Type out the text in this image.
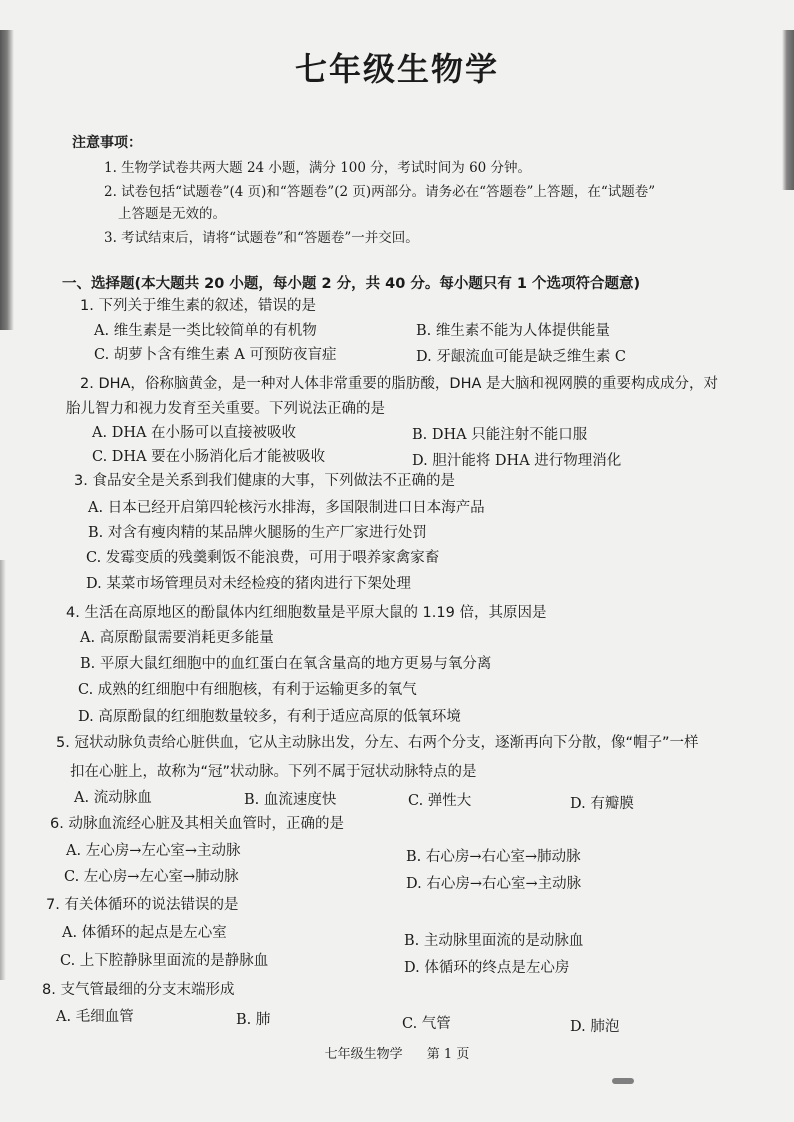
七年级生物学
注意事项：
1. 生物学试卷共两大题 24 小题，满分 100 分，考试时间为 60 分钟。
2. 试卷包括“试题卷”(4 页)和“答题卷”(2 页)两部分。请务必在“答题卷”上答题，在“试题卷”
上答题是无效的。
3. 考试结束后，请将“试题卷”和“答题卷”一并交回。
一、选择题(本大题共 20 小题，每小题 2 分，共 40 分。每小题只有 1 个选项符合题意)
1. 下列关于维生素的叙述，错误的是
A. 维生素是一类比较简单的有机物	B. 维生素不能为人体提供能量
C. 胡萝卜含有维生素 A 可预防夜盲症	D. 牙龈流血可能是缺乏维生素 C
2. DHA，俗称脑黄金，是一种对人体非常重要的脂肪酸，DHA 是大脑和视网膜的重要构成成分，对
胎儿智力和视力发育至关重要。下列说法正确的是
A. DHA 在小肠可以直接被吸收	B. DHA 只能注射不能口服
C. DHA 要在小肠消化后才能被吸收	D. 胆汁能将 DHA 进行物理消化
3. 食品安全是关系到我们健康的大事，下列做法不正确的是
A. 日本已经开启第四轮核污水排海，多国限制进口日本海产品
B. 对含有瘦肉精的某品牌火腿肠的生产厂家进行处罚
C. 发霉变质的残羹剩饭不能浪费，可用于喂养家禽家畜
D. 某菜市场管理员对未经检疫的猪肉进行下架处理
4. 生活在高原地区的酚鼠体内红细胞数量是平原大鼠的 1.19 倍，其原因是
A. 高原酚鼠需要消耗更多能量
B. 平原大鼠红细胞中的血红蛋白在氧含量高的地方更易与氧分离
C. 成熟的红细胞中有细胞核，有利于运输更多的氧气
D. 高原酚鼠的红细胞数量较多，有利于适应高原的低氧环境
5. 冠状动脉负责给心脏供血，它从主动脉出发，分左、右两个分支，逐渐再向下分散，像“帽子”一样
扣在心脏上，故称为“冠”状动脉。下列不属于冠状动脉特点的是
A. 流动脉血	B. 血流速度快	C. 弹性大	D. 有瓣膜
6. 动脉血流经心脏及其相关血管时，正确的是
A. 左心房→左心室→主动脉	B. 右心房→右心室→肺动脉
C. 左心房→左心室→肺动脉	D. 右心房→右心室→主动脉
7. 有关体循环的说法错误的是
A. 体循环的起点是左心室	B. 主动脉里面流的是动脉血
C. 上下腔静脉里面流的是静脉血	D. 体循环的终点是左心房
8. 支气管最细的分支末端形成
A. 毛细血管	B. 肺	C. 气管	D. 肺泡
七年级生物学 第 1 页
